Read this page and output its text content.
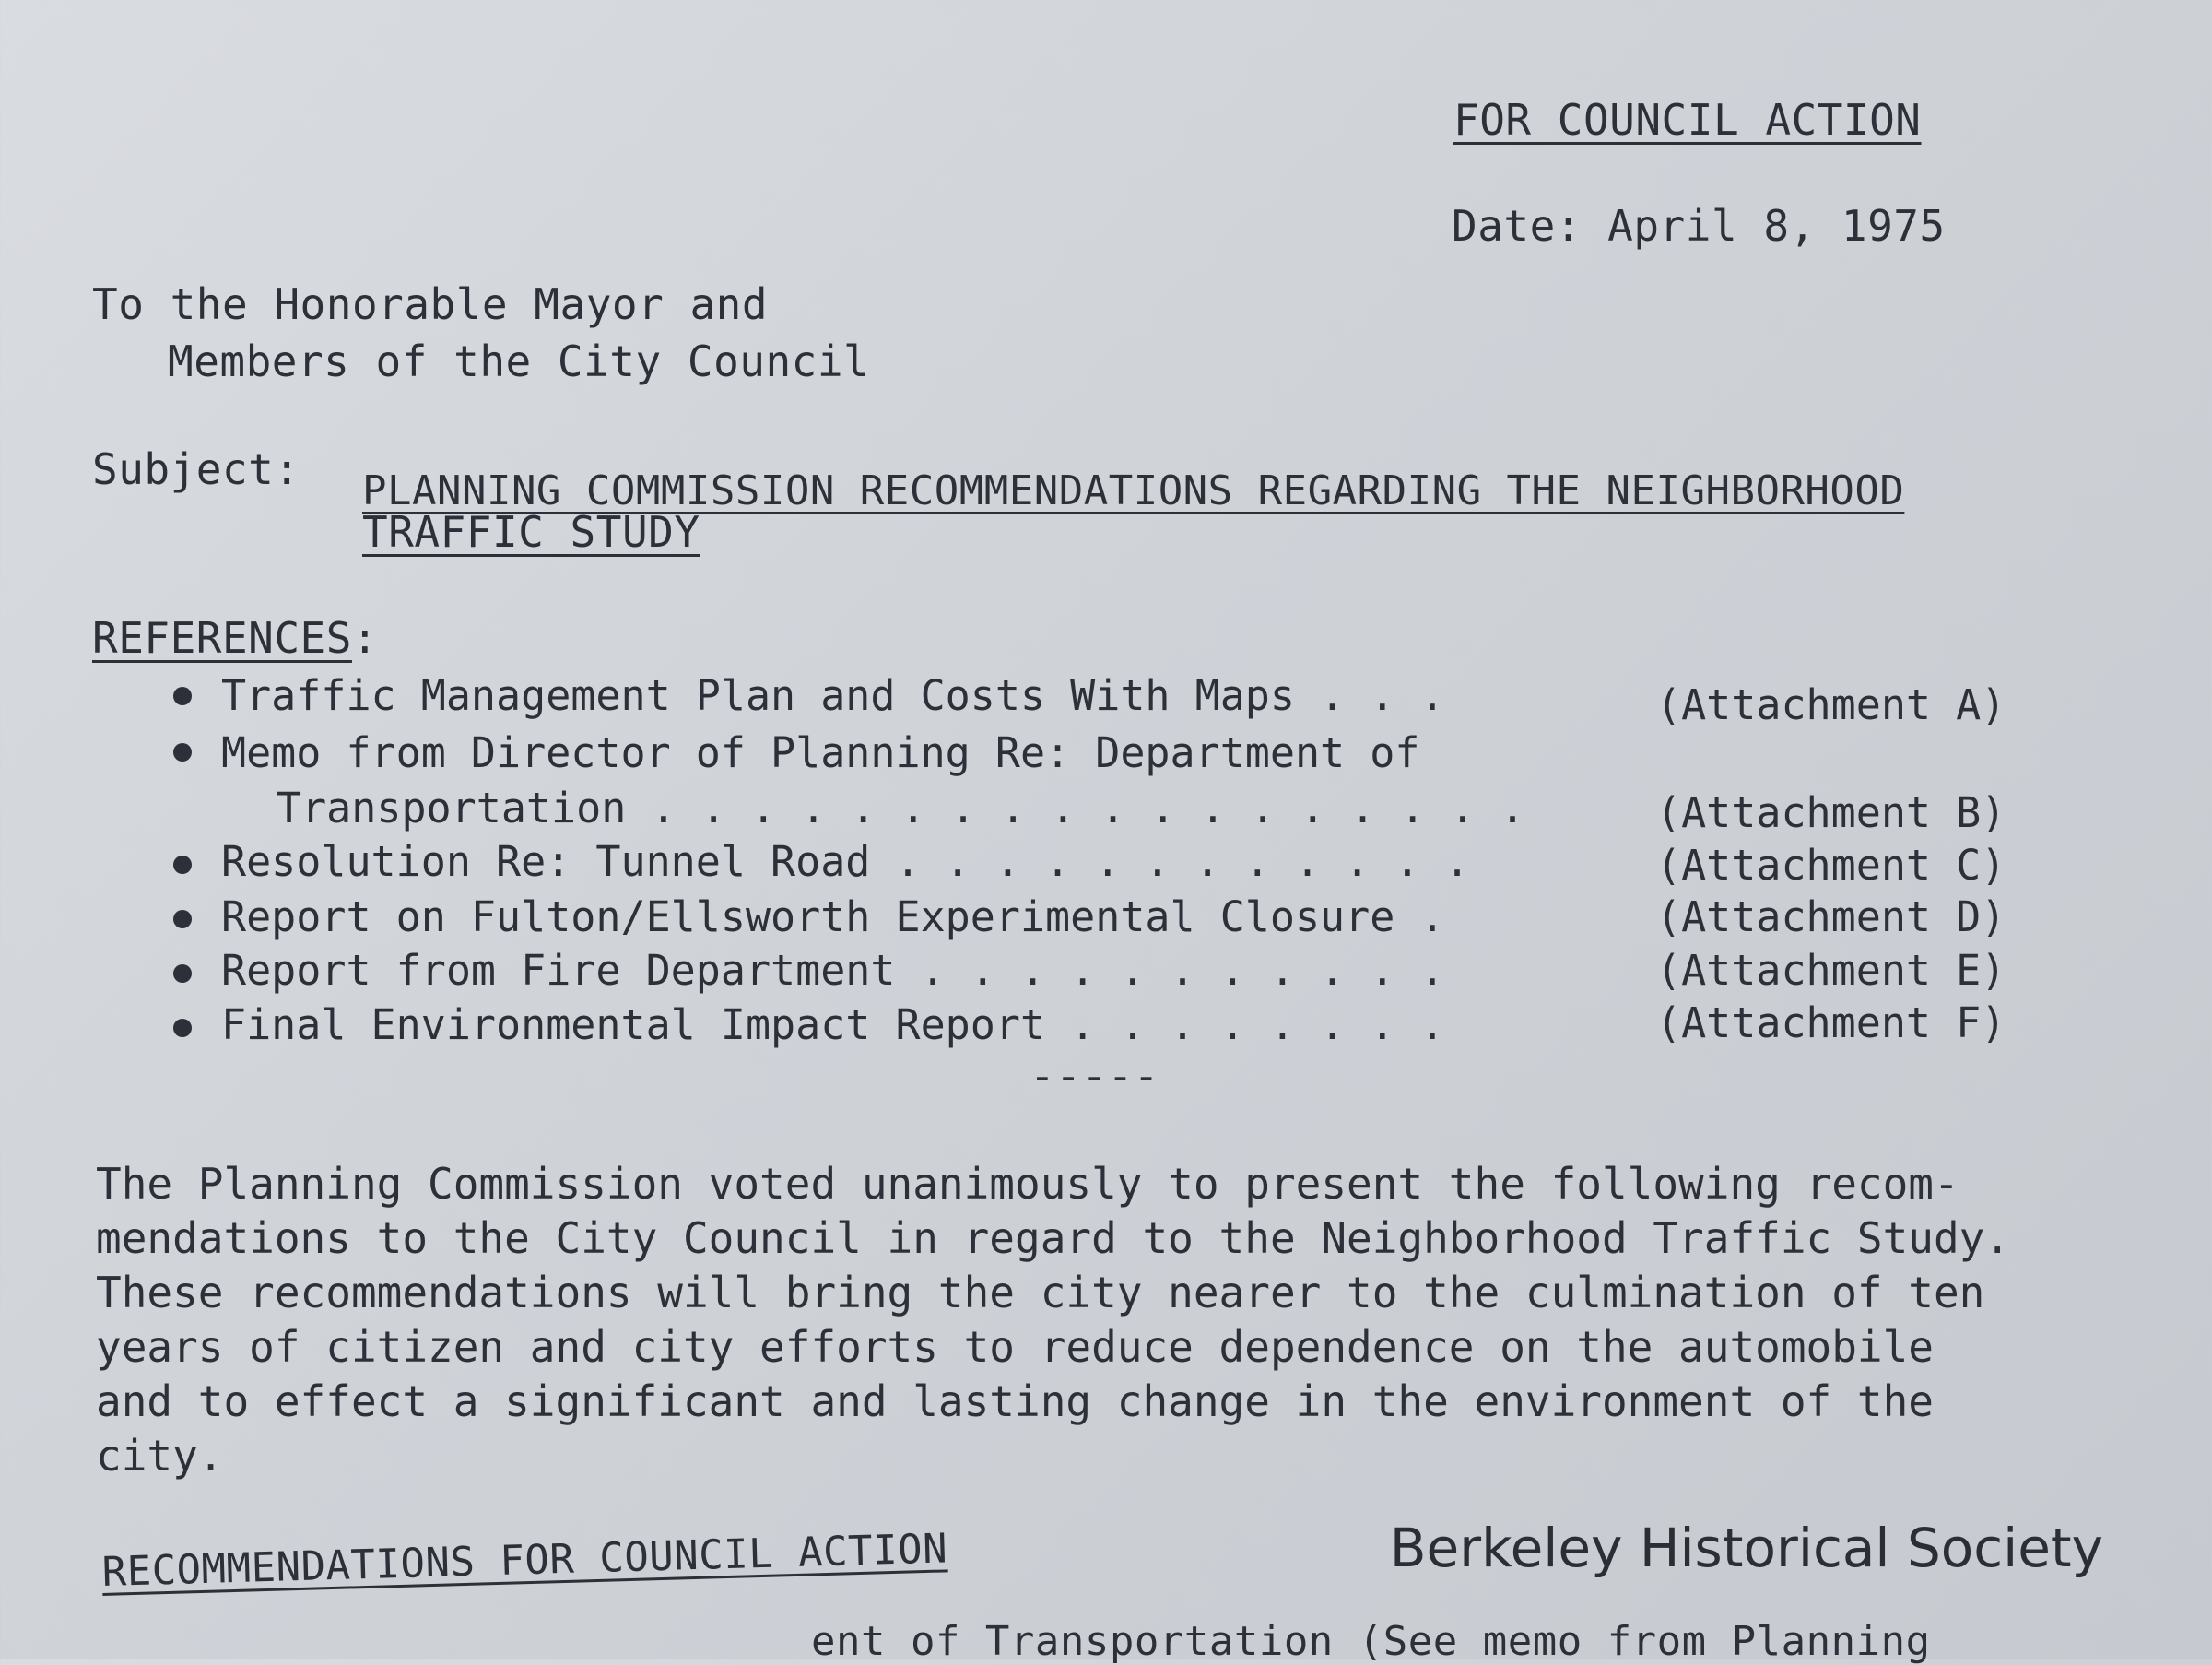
FOR COUNCIL ACTION
Date: April 8, 1975
To the Honorable Mayor and
Members of the City Council
Subject: PLANNING COMMISSION RECOMMENDATIONS REGARDING THE NEIGHBORHOOD
TRAFFIC STUDY
REFERENCES:
Traffic Management Plan and Costs With Maps . . .	(Attachment A)
Memo from Director of Planning Re: Department of
Transportation . . . . . . . . . . . . . . . . . .	(Attachment B)
Resolution Re: Tunnel Road . . . . . . . . . . . .	(Attachment C)
Report on Fulton/Ellsworth Experimental Closure .	(Attachment D)
Report from Fire Department . . . . . . . . . . .	(Attachment E)
Final Environmental Impact Report . . . . . . . .	(Attachment F)
-----
The Planning Commission voted unanimously to present the following recom-
mendations to the City Council in regard to the Neighborhood Traffic Study.
These recommendations will bring the city nearer to the culmination of ten
years of citizen and city efforts to reduce dependence on the automobile
and to effect a significant and lasting change in the environment of the
city.
RECOMMENDATIONS FOR COUNCIL ACTION
ent of Transportation (See memo from Planning
Berkeley Historical Society
